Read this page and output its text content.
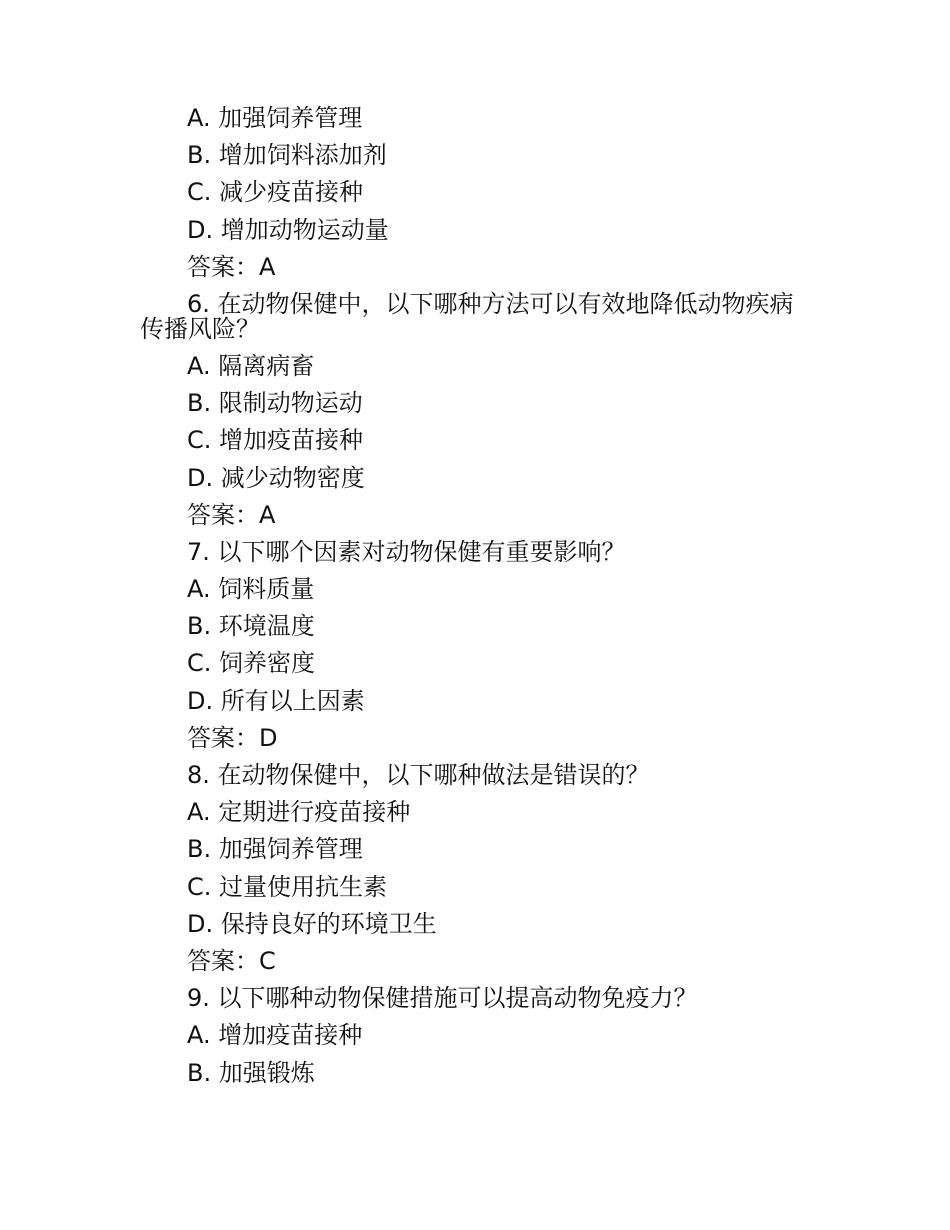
A. 加强饲养管理
B. 增加饲料添加剂
C. 减少疫苗接种
D. 增加动物运动量
答案：A
6. 在动物保健中，以下哪种方法可以有效地降低动物疾病
传播风险？
A. 隔离病畜
B. 限制动物运动
C. 增加疫苗接种
D. 减少动物密度
答案：A
7. 以下哪个因素对动物保健有重要影响？
A. 饲料质量
B. 环境温度
C. 饲养密度
D. 所有以上因素
答案：D
8. 在动物保健中，以下哪种做法是错误的？
A. 定期进行疫苗接种
B. 加强饲养管理
C. 过量使用抗生素
D. 保持良好的环境卫生
答案：C
9. 以下哪种动物保健措施可以提高动物免疫力？
A. 增加疫苗接种
B. 加强锻炼
